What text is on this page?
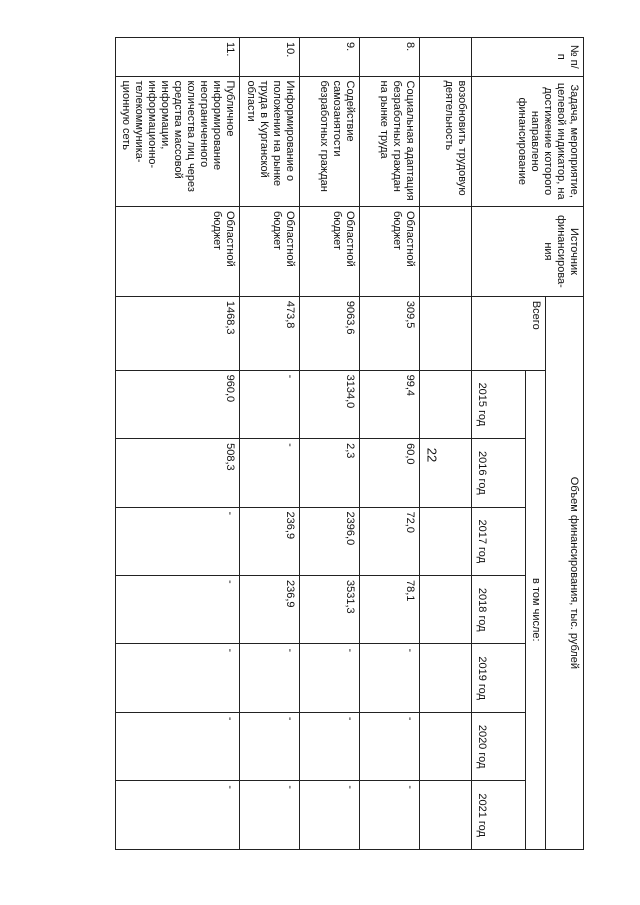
22
№ п/п	Задача, мероприятие, целевой индикатор, на достижение которого направлено финансирование	Источник финансирова-ния	Объем финансирования, тыс. рублей							
			Всего	в том числе:						
				2015 год	2016 год	2017 год	2018 год	2019 год	2020 год	2021 год
	возобновить трудовую деятельность									
8.	Социальная адаптация безработных граждан на рынке труда	Областной бюджет	309,5	99,4	60,0	72,0	78,1	-	-	-
9.	Содействие самозанятости безработных граждан	Областной бюджет	9063,6	3134,0	2,3	2396,0	3531,3	-	-	-
10.	Информирование о положении на рынке труда в Курганской области	Областной бюджет	473,8	-	-	236,9	236,9	-	-	-
11.	Публичное информирование неограниченного количества лиц через средства массовой информации, информационно-телекоммуника-ционную сеть	Областной бюджет	1468,3	960,0	508,3	-	-	-	-	-
